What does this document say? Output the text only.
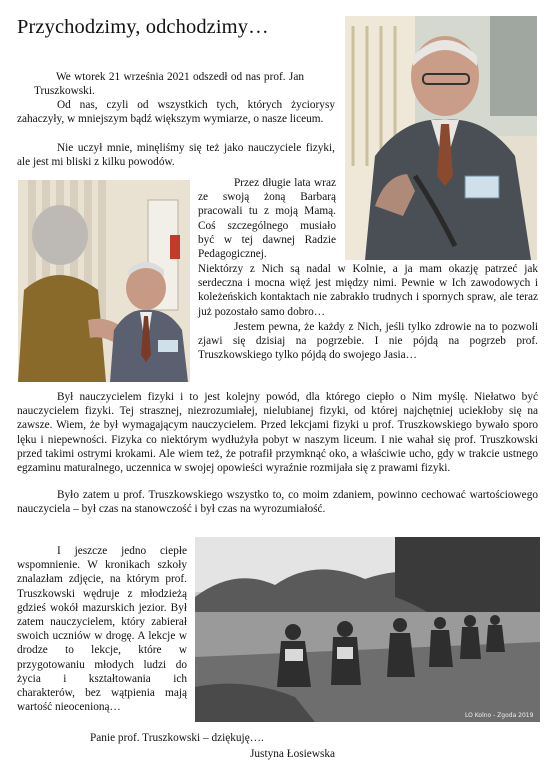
Przychodzimy, odchodzimy…
LO Kolno - Zgoda 2019

We wtorek 21 września 2021 odszedł od nas prof. Jan Truszkowski.

Od nas, czyli od wszystkich tych, których życiorysy zahaczyły, w mniejszym bądź większym wymiarze, o nasze liceum.

Nie uczył mnie, minęliśmy się też jako nauczyciele fizyki, ale jest mi bliski z kilku powodów.

Przez długie lata wraz ze swoją żoną Barbarą pracowali tu z moją Mamą. Coś szczególnego musiało być w tej dawnej Radzie Pedagogicznej.

Niektórzy z Nich są nadal w Kolnie, a ja mam okazję patrzeć jak serdeczna i mocna więź jest między nimi. Pewnie w Ich zawodowych i koleżeńskich kontaktach nie zabrakło trudnych i spornych spraw, ale teraz już pozostało samo dobro…

Jestem pewna, że każdy z Nich, jeśli tylko zdrowie na to pozwoli zjawi się dzisiaj na pogrzebie. I nie pójdą na pogrzeb prof. Truszkowskiego tylko pójdą do swojego Jasia…

Był nauczycielem fizyki i to jest kolejny powód, dla którego ciepło o Nim myślę. Niełatwo być nauczycielem fizyki. Tej strasznej, niezrozumiałej, nielubianej fizyki, od której najchętniej uciekłoby się na zawsze. Wiem, że był wymagającym nauczycielem. Przed lekcjami fizyki u prof. Truszkowskiego bywało sporo lęku i niepewności. Fizyka co niektórym wydłużyła pobyt w naszym liceum. I nie wahał się prof. Truszkowski przed takimi ostrymi krokami. Ale wiem też, że potrafił przymknąć oko, a właściwie ucho, gdy w trakcie ustnego egzaminu maturalnego, uczennica w swojej opowieści wyraźnie rozmijała się z prawami fizyki.

Było zatem u prof. Truszkowskiego wszystko to, co moim zdaniem, powinno cechować wartościowego nauczyciela – był czas na stanowczość i był czas na wyrozumiałość.

I jeszcze jedno ciepłe wspomnienie. W kronikach szkoły znalazłam zdjęcie, na którym prof. Truszkowski wędruje z młodzieżą gdzieś wokół mazurskich jezior. Był zatem nauczycielem, który zabierał swoich uczniów w drogę. A lekcje w drodze to lekcje, które w przygotowaniu młodych ludzi do życia i kształtowania ich charakterów, bez wątpienia mają wartość nieocenioną…

Panie prof. Truszkowski – dziękuję….
Justyna Łosiewska
